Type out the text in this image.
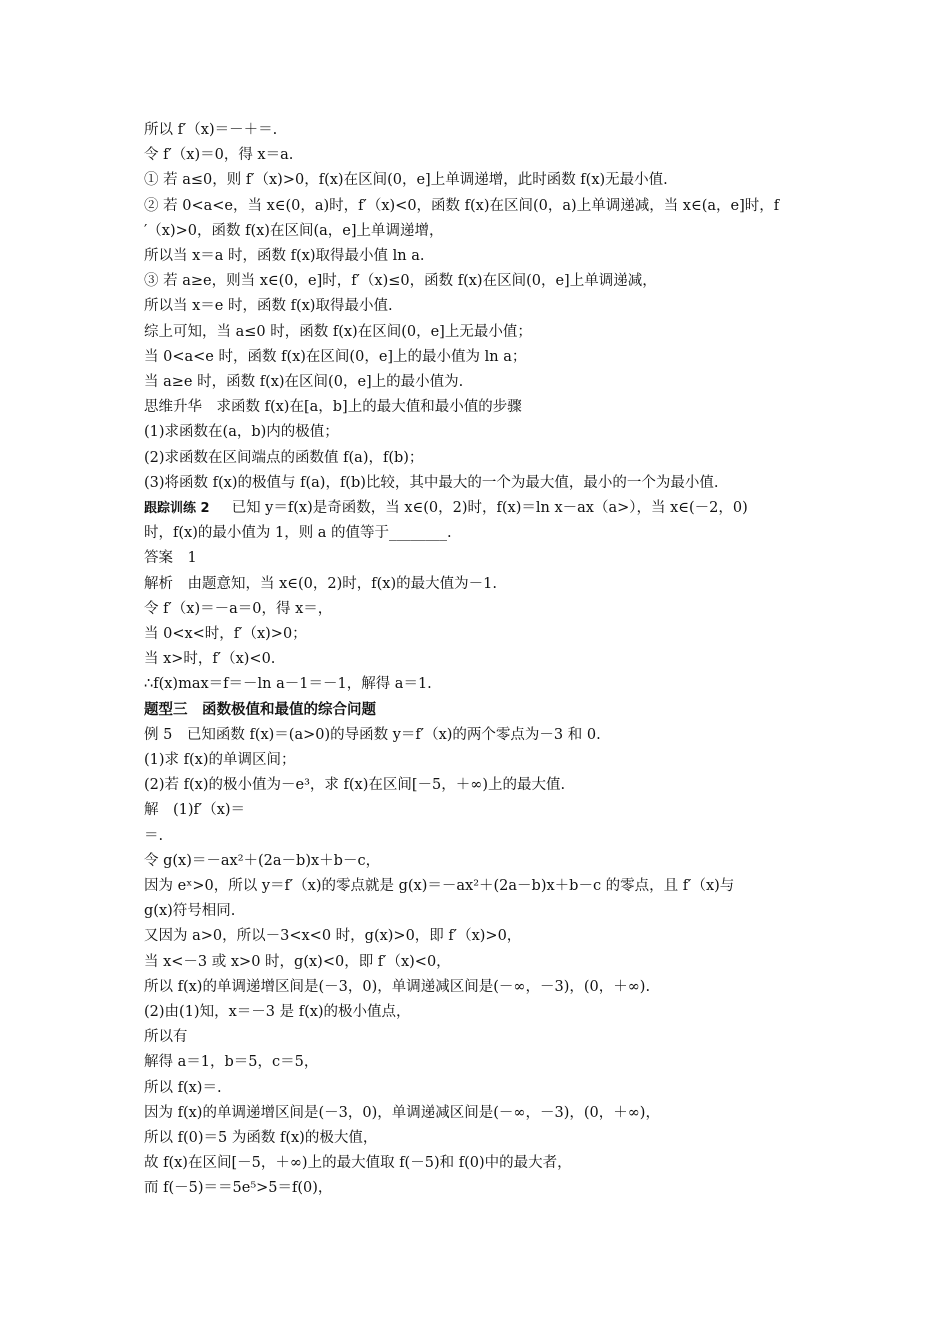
所以 f′（x)＝－＋＝.
令 f′（x)＝0，得 x＝a.
① 若 a≤0，则 f′（x)>0，f(x)在区间(0，e]上单调递增，此时函数 f(x)无最小值.
② 若 0<a<e，当 x∈(0，a)时，f′（x)<0，函数 f(x)在区间(0，a)上单调递减，当 x∈(a，e]时，f
′（x)>0，函数 f(x)在区间(a，e]上单调递增，
所以当 x＝a 时，函数 f(x)取得最小值 ln a.
③ 若 a≥e，则当 x∈(0，e]时，f′（x)≤0，函数 f(x)在区间(0，e]上单调递减，
所以当 x＝e 时，函数 f(x)取得最小值.
综上可知，当 a≤0 时，函数 f(x)在区间(0，e]上无最小值；
当 0<a<e 时，函数 f(x)在区间(0，e]上的最小值为 ln a；
当 a≥e 时，函数 f(x)在区间(0，e]上的最小值为.
思维升华　求函数 f(x)在[a，b]上的最大值和最小值的步骤
(1)求函数在(a，b)内的极值；
(2)求函数在区间端点的函数值 f(a)，f(b)；
(3)将函数 f(x)的极值与 f(a)，f(b)比较，其中最大的一个为最大值，最小的一个为最小值.
跟踪训练 2 已知 y＝f(x)是奇函数，当 x∈(0，2)时，f(x)＝ln x－ax（a>），当 x∈(－2，0)
时，f(x)的最小值为 1，则 a 的值等于________.
答案　1
解析　由题意知，当 x∈(0，2)时，f(x)的最大值为－1.
令 f′（x)＝－a＝0，得 x＝，
当 0<x<时，f′（x)>0；
当 x>时，f′（x)<0.
∴f(x)max＝f＝－ln a－1＝－1，解得 a＝1.
题型三　函数极值和最值的综合问题
例 5　已知函数 f(x)＝(a>0)的导函数 y＝f′（x)的两个零点为－3 和 0.
(1)求 f(x)的单调区间；
(2)若 f(x)的极小值为－e³，求 f(x)在区间[－5，＋∞)上的最大值.
解　(1)f′（x)＝
＝.
令 g(x)＝－ax²＋(2a－b)x＋b－c，
因为 eˣ>0，所以 y＝f′（x)的零点就是 g(x)＝－ax²＋(2a－b)x＋b－c 的零点，且 f′（x)与
g(x)符号相同.
又因为 a>0，所以－3<x<0 时，g(x)>0，即 f′（x)>0，
当 x<－3 或 x>0 时，g(x)<0，即 f′（x)<0，
所以 f(x)的单调递增区间是(－3，0)，单调递减区间是(－∞，－3)，(0，＋∞).
(2)由(1)知，x＝－3 是 f(x)的极小值点，
所以有
解得 a＝1，b＝5，c＝5，
所以 f(x)＝.
因为 f(x)的单调递增区间是(－3，0)，单调递减区间是(－∞，－3)，(0，＋∞)，
所以 f(0)＝5 为函数 f(x)的极大值，
故 f(x)在区间[－5，＋∞)上的最大值取 f(－5)和 f(0)中的最大者，
而 f(－5)＝＝5e⁵>5＝f(0)，
